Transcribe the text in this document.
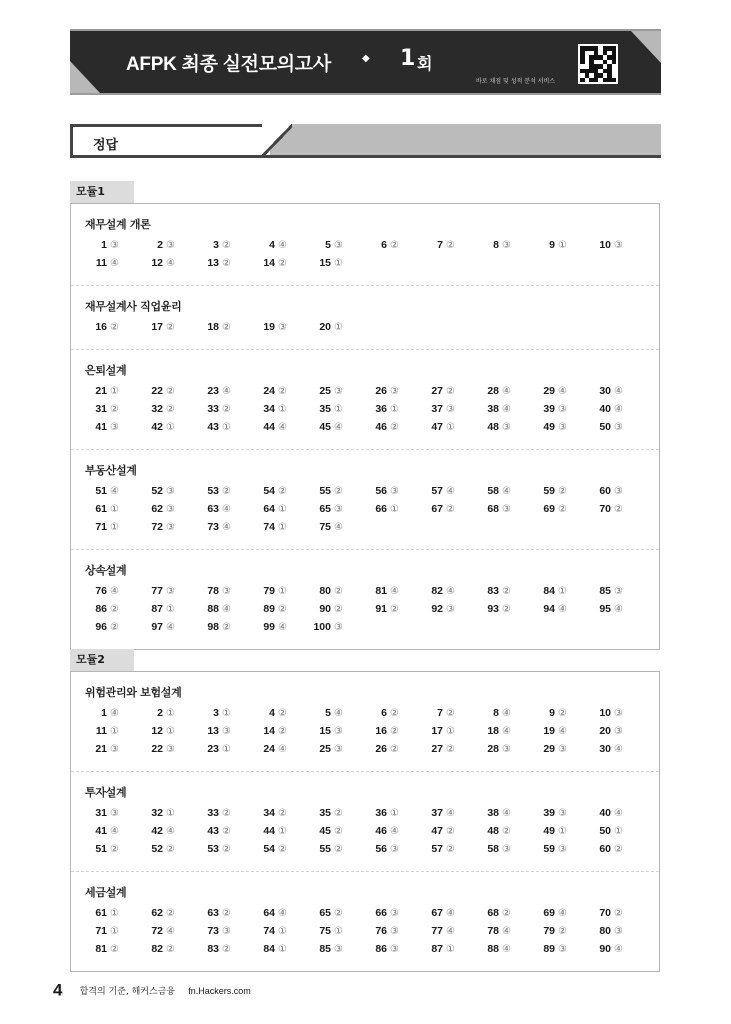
AFPK 최종 실전모의고사	◆ 1 회
바로 채점 및 성적 분석 서비스
정답
모듈1
재무설계 개론
1 ③	2 ③	3 ②	4 ④	5 ③	6 ②	7 ②	8 ③	9 ①	10 ③
11 ④	12 ④	13 ②	14 ②	15 ①
재무설계사 직업윤리
16 ②	17 ②	18 ②	19 ③	20 ①
은퇴설계
21 ①	22 ②	23 ④	24 ②	25 ③	26 ③	27 ②	28 ④	29 ④	30 ④
31 ②	32 ②	33 ②	34 ①	35 ①	36 ①	37 ③	38 ④	39 ③	40 ④
41 ③	42 ①	43 ①	44 ④	45 ④	46 ②	47 ①	48 ③	49 ③	50 ③
부동산설계
51 ④	52 ③	53 ②	54 ②	55 ②	56 ③	57 ④	58 ④	59 ②	60 ③
61 ①	62 ③	63 ④	64 ①	65 ③	66 ①	67 ②	68 ③	69 ②	70 ②
71 ①	72 ③	73 ④	74 ①	75 ④
상속설계
76 ④	77 ③	78 ③	79 ①	80 ②	81 ④	82 ④	83 ②	84 ①	85 ③
86 ②	87 ①	88 ④	89 ②	90 ②	91 ②	92 ③	93 ②	94 ④	95 ④
96 ②	97 ④	98 ②	99 ④	100 ③
모듈2
위험관리와 보험설계
1 ④	2 ①	3 ①	4 ②	5 ④	6 ②	7 ②	8 ④	9 ②	10 ③
11 ①	12 ①	13 ③	14 ②	15 ③	16 ②	17 ①	18 ④	19 ④	20 ③
21 ③	22 ③	23 ①	24 ④	25 ③	26 ②	27 ②	28 ③	29 ③	30 ④
투자설계
31 ③	32 ①	33 ②	34 ②	35 ②	36 ①	37 ④	38 ④	39 ③	40 ④
41 ④	42 ④	43 ②	44 ①	45 ②	46 ④	47 ②	48 ②	49 ①	50 ①
51 ②	52 ②	53 ②	54 ②	55 ②	56 ③	57 ②	58 ③	59 ③	60 ②
세금설계
61 ①	62 ②	63 ②	64 ④	65 ②	66 ③	67 ④	68 ②	69 ④	70 ②
71 ①	72 ④	73 ③	74 ①	75 ①	76 ③	77 ④	78 ④	79 ②	80 ③
81 ②	82 ②	83 ②	84 ①	85 ③	86 ③	87 ①	88 ④	89 ③	90 ④
4 합격의 기준, 해커스금융 fn.Hackers.com
